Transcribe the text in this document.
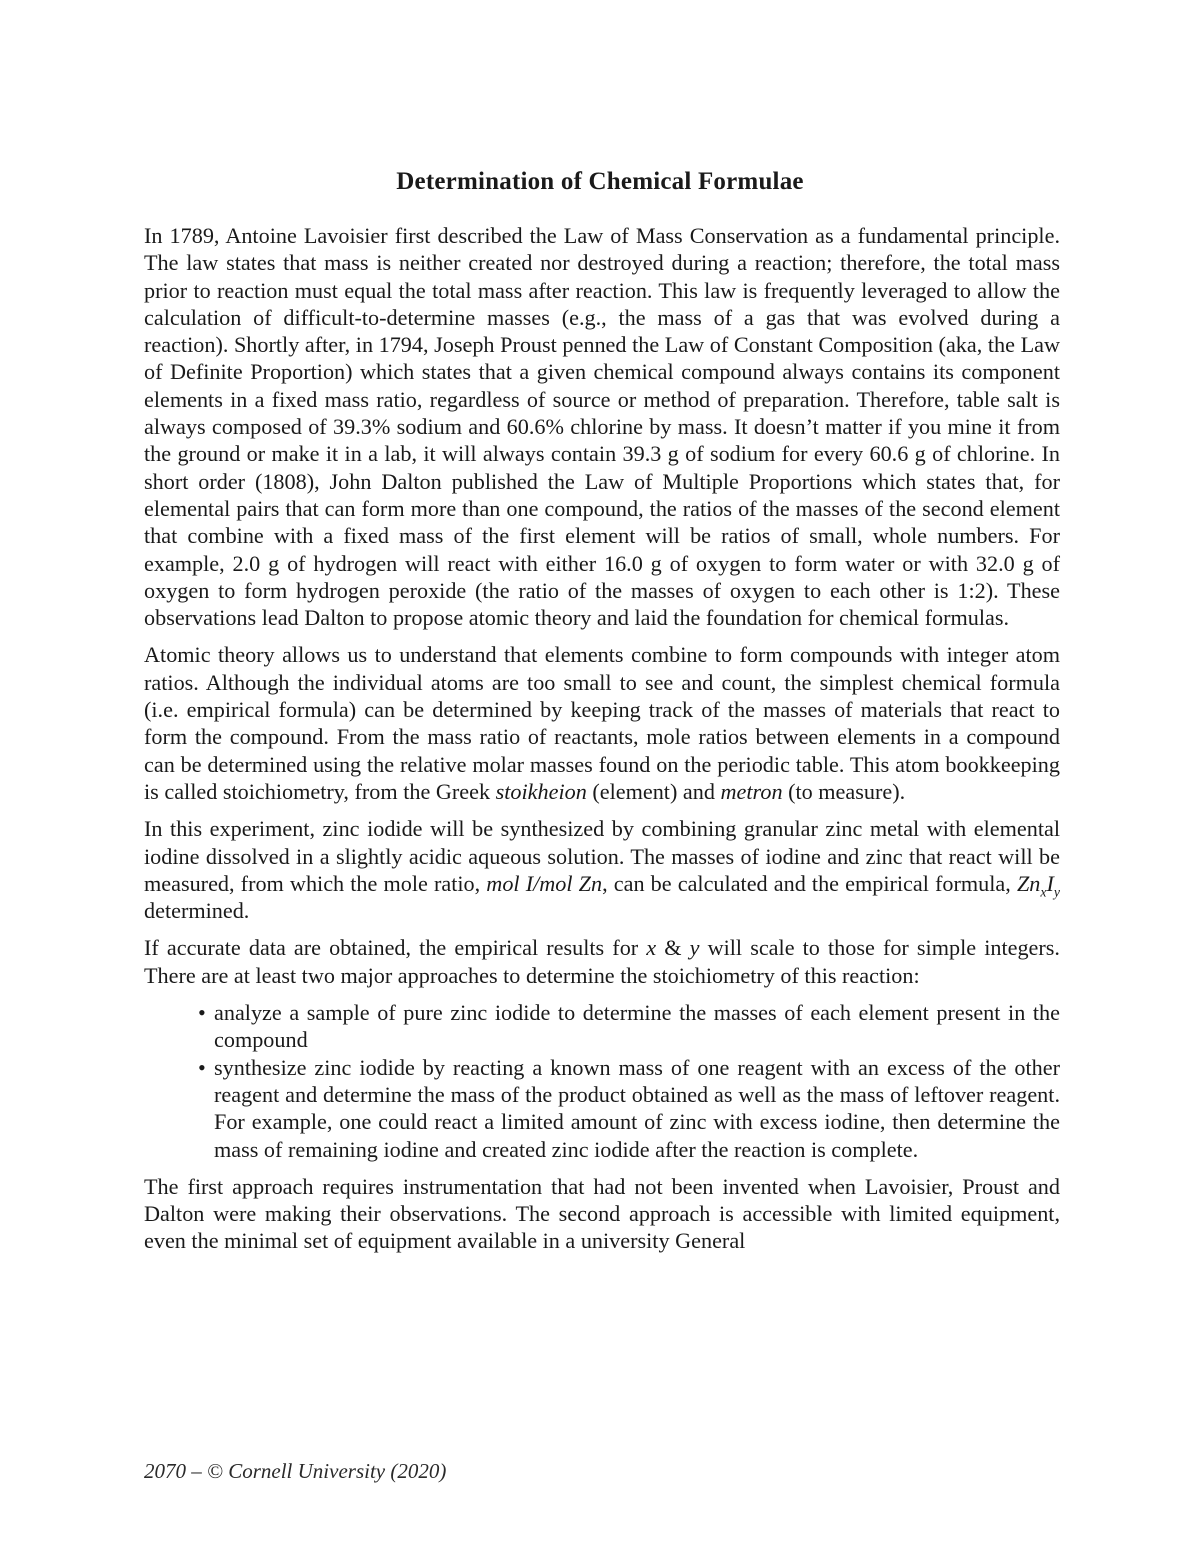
Determination of Chemical Formulae

In 1789, Antoine Lavoisier first described the Law of Mass Conservation as a fundamental principle. The law states that mass is neither created nor destroyed during a reaction; therefore, the total mass prior to reaction must equal the total mass after reaction. This law is frequently leveraged to allow the calculation of difficult-to-determine masses (e.g., the mass of a gas that was evolved during a reaction). Shortly after, in 1794, Joseph Proust penned the Law of Constant Composition (aka, the Law of Definite Proportion) which states that a given chemical compound always contains its component elements in a fixed mass ratio, regardless of source or method of preparation. Therefore, table salt is always composed of 39.3% sodium and 60.6% chlorine by mass. It doesn’t matter if you mine it from the ground or make it in a lab, it will always contain 39.3 g of sodium for every 60.6 g of chlorine. In short order (1808), John Dalton published the Law of Multiple Proportions which states that, for elemental pairs that can form more than one compound, the ratios of the masses of the second element that combine with a fixed mass of the first element will be ratios of small, whole numbers. For example, 2.0 g of hydrogen will react with either 16.0 g of oxygen to form water or with 32.0 g of oxygen to form hydrogen peroxide (the ratio of the masses of oxygen to each other is 1:2). These observations lead Dalton to propose atomic theory and laid the foundation for chemical formulas.

Atomic theory allows us to understand that elements combine to form compounds with integer atom ratios. Although the individual atoms are too small to see and count, the simplest chemical formula (i.e. empirical formula) can be determined by keeping track of the masses of materials that react to form the compound. From the mass ratio of reactants, mole ratios between elements in a compound can be determined using the relative molar masses found on the periodic table. This atom bookkeeping is called stoichiometry, from the Greek stoikheion (element) and metron (to measure).

In this experiment, zinc iodide will be synthesized by combining granular zinc metal with elemental iodine dissolved in a slightly acidic aqueous solution. The masses of iodine and zinc that react will be measured, from which the mole ratio, mol I/mol Zn, can be calculated and the empirical formula, $Zn_xI_y$ determined.

If accurate data are obtained, the empirical results for x & y will scale to those for simple integers. There are at least two major approaches to determine the stoichiometry of this reaction:

• analyze a sample of pure zinc iodide to determine the masses of each element present in the compound
• synthesize zinc iodide by reacting a known mass of one reagent with an excess of the other reagent and determine the mass of the product obtained as well as the mass of leftover reagent. For example, one could react a limited amount of zinc with excess iodine, then determine the mass of remaining iodine and created zinc iodide after the reaction is complete.

The first approach requires instrumentation that had not been invented when Lavoisier, Proust and Dalton were making their observations. The second approach is accessible with limited equipment, even the minimal set of equipment available in a university General

2070 – © Cornell University (2020)
